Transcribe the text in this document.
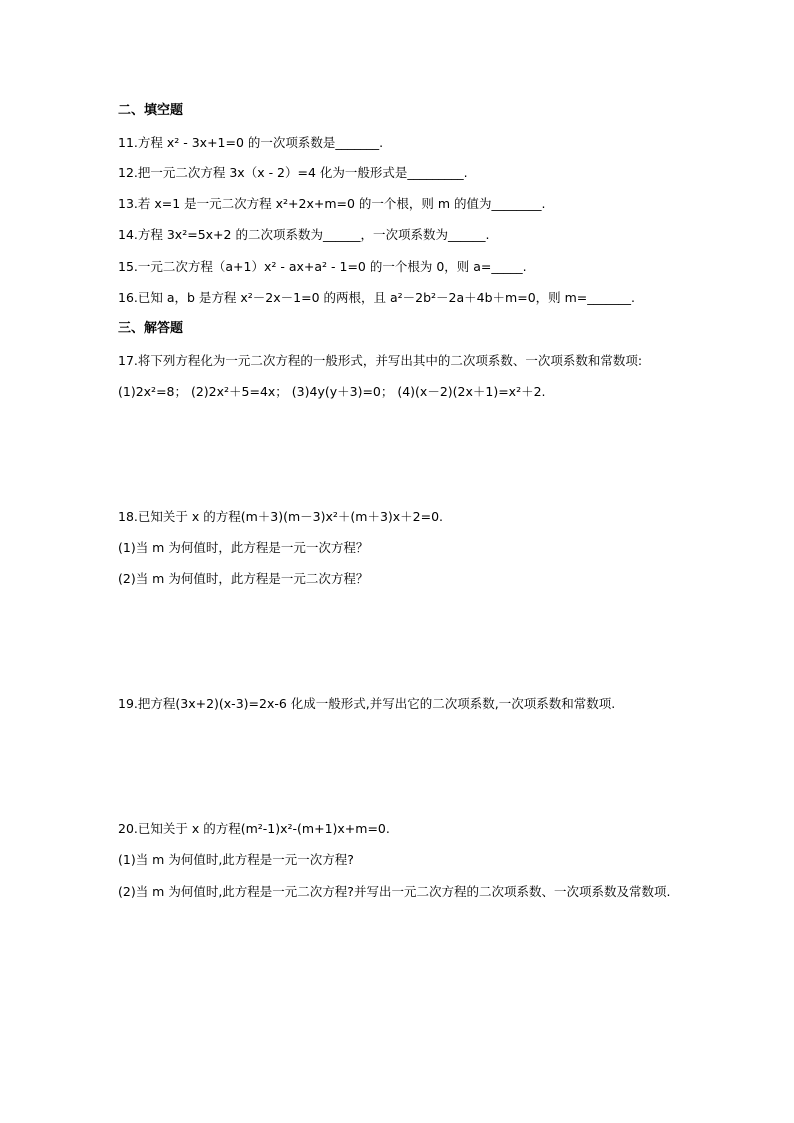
二、填空题
11.方程 x² - 3x+1=0 的一次项系数是_______.
12.把一元二次方程 3x（x - 2）=4 化为一般形式是_________.
13.若 x=1 是一元二次方程 x²+2x+m=0 的一个根，则 m 的值为________.
14.方程 3x²=5x+2 的二次项系数为______，一次项系数为______.
15.一元二次方程（a+1）x² - ax+a² - 1=0 的一个根为 0，则 a=_____.
16.已知 a，b 是方程 x²－2x－1=0 的两根，且 a²－2b²－2a＋4b＋m=0，则 m=_______.
三、解答题
17.将下列方程化为一元二次方程的一般形式，并写出其中的二次项系数、一次项系数和常数项:
(1)2x²=8； (2)2x²＋5=4x； (3)4y(y＋3)=0； (4)(x－2)(2x＋1)=x²＋2.
18.已知关于 x 的方程(m＋3)(m－3)x²＋(m＋3)x＋2=0.
(1)当 m 为何值时，此方程是一元一次方程？
(2)当 m 为何值时，此方程是一元二次方程？
19.把方程(3x+2)(x-3)=2x-6 化成一般形式,并写出它的二次项系数,一次项系数和常数项.
20.已知关于 x 的方程(m²-1)x²-(m+1)x+m=0.
(1)当 m 为何值时,此方程是一元一次方程?
(2)当 m 为何值时,此方程是一元二次方程?并写出一元二次方程的二次项系数、一次项系数及常数项.
